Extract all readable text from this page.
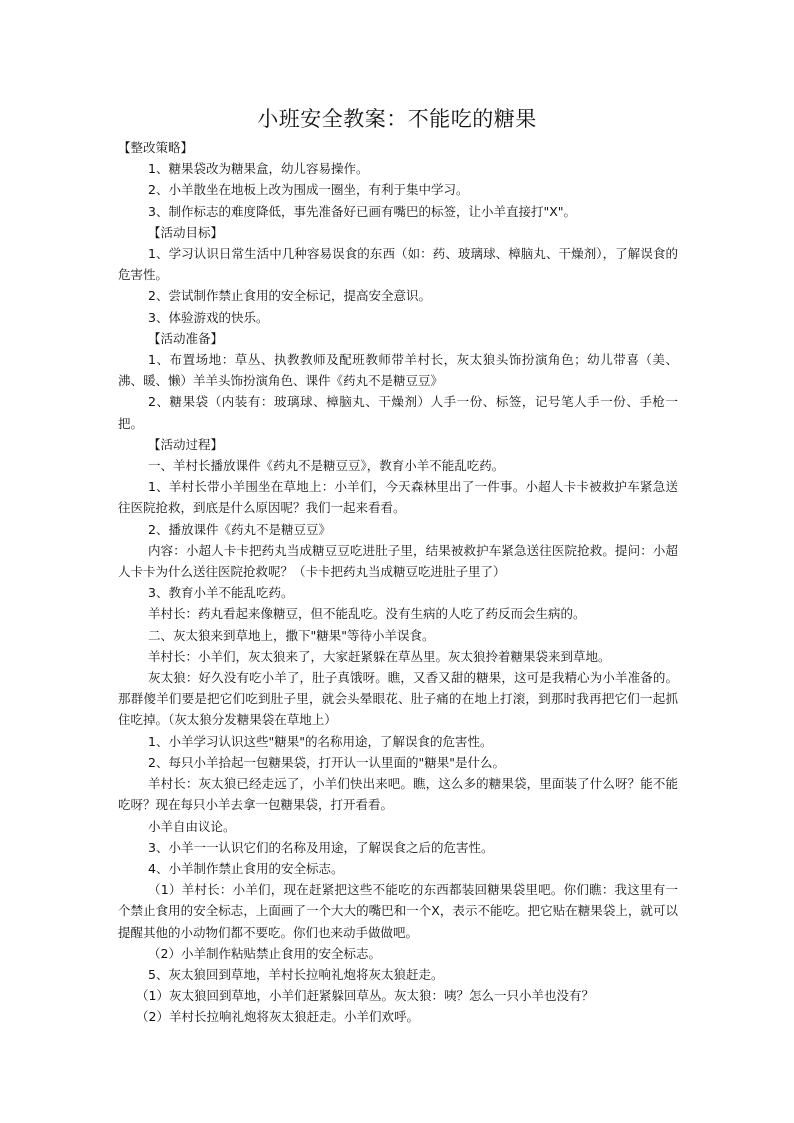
小班安全教案：不能吃的糖果

【整改策略】

1、糖果袋改为糖果盒，幼儿容易操作。

2、小羊散坐在地板上改为围成一圈坐，有利于集中学习。

3、制作标志的难度降低，事先准备好已画有嘴巴的标签，让小羊直接打"X"。

【活动目标】

1、学习认识日常生活中几种容易误食的东西（如：药、玻璃球、樟脑丸、干燥剂），了解误食的危害性。

2、尝试制作禁止食用的安全标记，提高安全意识。

3、体验游戏的快乐。

【活动准备】

1、布置场地：草丛、执教教师及配班教师带羊村长，灰太狼头饰扮演角色；幼儿带喜（美、沸、暖、懒）羊羊头饰扮演角色、课件《药丸不是糖豆豆》

2、糖果袋（内装有：玻璃球、樟脑丸、干燥剂）人手一份、标签，记号笔人手一份、手枪一把。

【活动过程】

一、羊村长播放课件《药丸不是糖豆豆》，教育小羊不能乱吃药。

1、羊村长带小羊围坐在草地上：小羊们，今天森林里出了一件事。小超人卡卡被救护车紧急送往医院抢救，到底是什么原因呢？我们一起来看看。

2、播放课件《药丸不是糖豆豆》

内容：小超人卡卡把药丸当成糖豆豆吃进肚子里，结果被救护车紧急送往医院抢救。提问：小超人卡卡为什么送往医院抢救呢？（卡卡把药丸当成糖豆吃进肚子里了）

3、教育小羊不能乱吃药。

羊村长：药丸看起来像糖豆，但不能乱吃。没有生病的人吃了药反而会生病的。

二、灰太狼来到草地上，撒下"糖果"等待小羊误食。

羊村长：小羊们，灰太狼来了，大家赶紧躲在草丛里。灰太狼拎着糖果袋来到草地。

灰太狼：好久没有吃小羊了，肚子真饿呀。瞧，又香又甜的糖果，这可是我精心为小羊准备的。那群傻羊们要是把它们吃到肚子里，就会头晕眼花、肚子痛的在地上打滚，到那时我再把它们一起抓住吃掉。（灰太狼分发糖果袋在草地上）

1、小羊学习认识这些"糖果"的名称用途，了解误食的危害性。

2、每只小羊拾起一包糖果袋，打开认一认里面的"糖果"是什么。

羊村长：灰太狼已经走远了，小羊们快出来吧。瞧，这么多的糖果袋，里面装了什么呀？能不能吃呀？现在每只小羊去拿一包糖果袋，打开看看。

小羊自由议论。

3、小羊一一认识它们的名称及用途，了解误食之后的危害性。

4、小羊制作禁止食用的安全标志。

（1）羊村长：小羊们，现在赶紧把这些不能吃的东西都装回糖果袋里吧。你们瞧：我这里有一个禁止食用的安全标志，上面画了一个大大的嘴巴和一个X，表示不能吃。把它贴在糖果袋上，就可以提醒其他的小动物们都不要吃。你们也来动手做做吧。

（2）小羊制作粘贴禁止食用的安全标志。

5、灰太狼回到草地，羊村长拉响礼炮将灰太狼赶走。

（1）灰太狼回到草地，小羊们赶紧躲回草丛。灰太狼：咦？怎么一只小羊也没有？

（2）羊村长拉响礼炮将灰太狼赶走。小羊们欢呼。
